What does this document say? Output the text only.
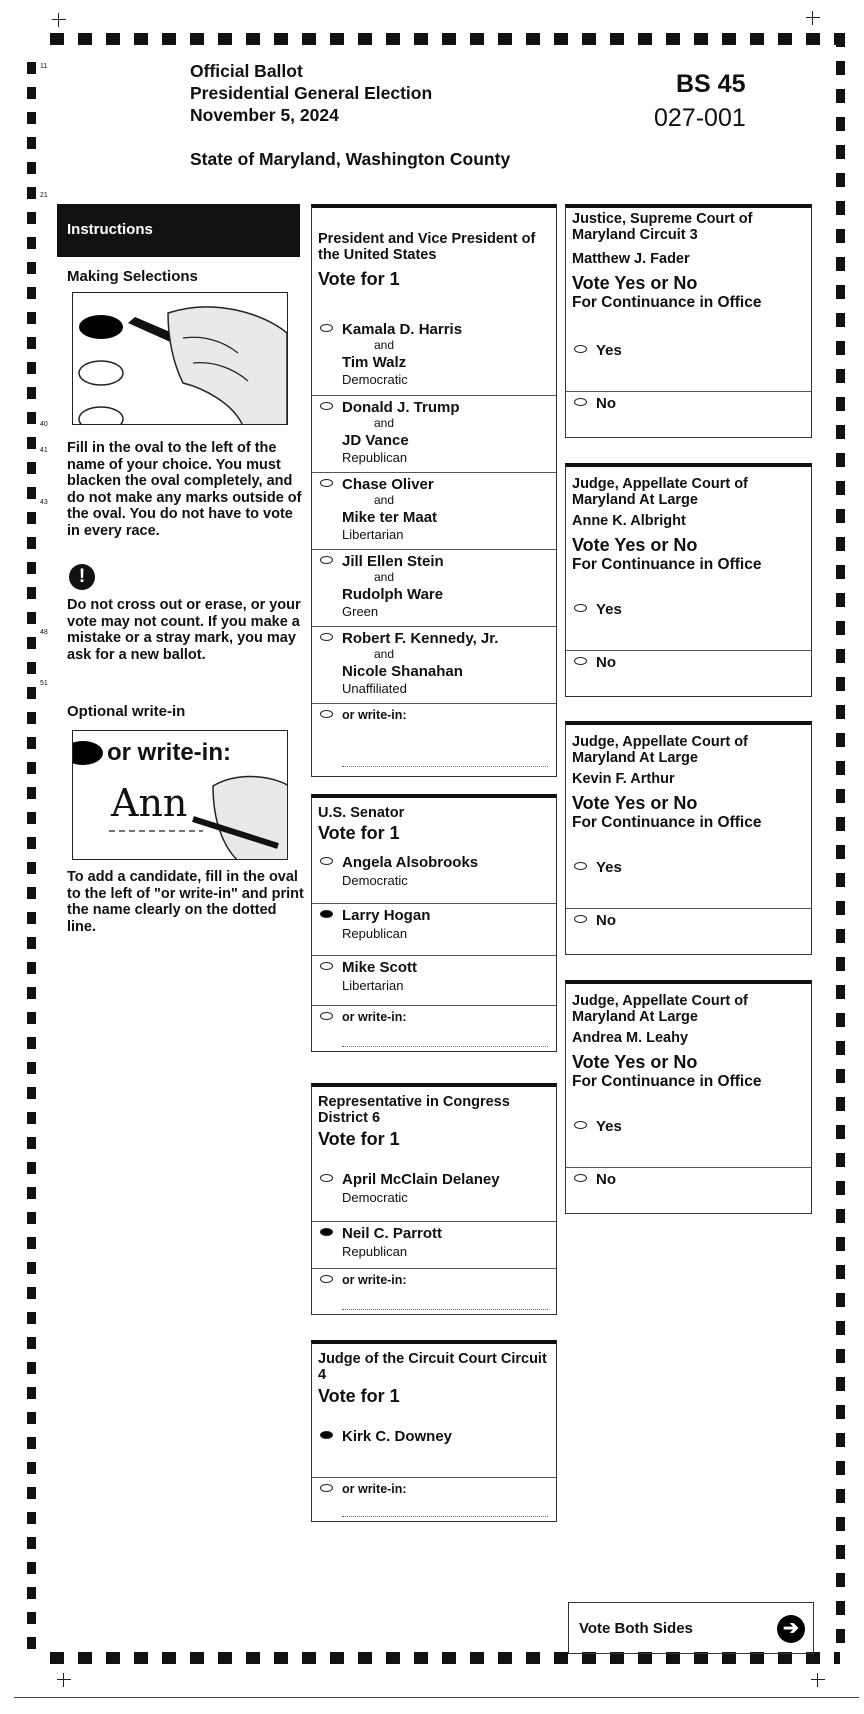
11
21
40
41
43
48
51
Official Ballot
Presidential General Election
November 5, 2024
State of Maryland, Washington County
BS 45
027-001
Instructions
Making Selections
Fill in the oval to the left of the name of your choice. You must blacken the oval completely, and do not make any marks outside of the oval. You do not have to vote in every race.
!
Do not cross out or erase, or your vote may not count. If you make a mistake or a stray mark, you may ask for a new ballot.
Optional write-in
or write-in:
Ann
To add a candidate, fill in the oval to the left of "or write-in" and print the name clearly on the dotted line.
President and Vice President of the United States
Vote for 1
Kamala D. Harris
and
Tim Walz
Democratic
Donald J. Trump
and
JD Vance
Republican
Chase Oliver
and
Mike ter Maat
Libertarian
Jill Ellen Stein
and
Rudolph Ware
Green
Robert F. Kennedy, Jr.
and
Nicole Shanahan
Unaffiliated
or write-in:
U.S. Senator
Vote for 1
Angela Alsobrooks
Democratic
Larry Hogan
Republican
Mike Scott
Libertarian
or write-in:
Representative in Congress District 6
Vote for 1
April McClain Delaney
Democratic
Neil C. Parrott
Republican
or write-in:
Judge of the Circuit Court Circuit 4
Vote for 1
Kirk C. Downey
or write-in:
Justice, Supreme Court of Maryland Circuit 3
Matthew J. Fader
Vote Yes or No
For Continuance in Office
Yes
No
Judge, Appellate Court of Maryland At Large
Anne K. Albright
Vote Yes or No
For Continuance in Office
Yes
No
Judge, Appellate Court of Maryland At Large
Kevin F. Arthur
Vote Yes or No
For Continuance in Office
Yes
No
Judge, Appellate Court of Maryland At Large
Andrea M. Leahy
Vote Yes or No
For Continuance in Office
Yes
No
Vote Both Sides	➔
